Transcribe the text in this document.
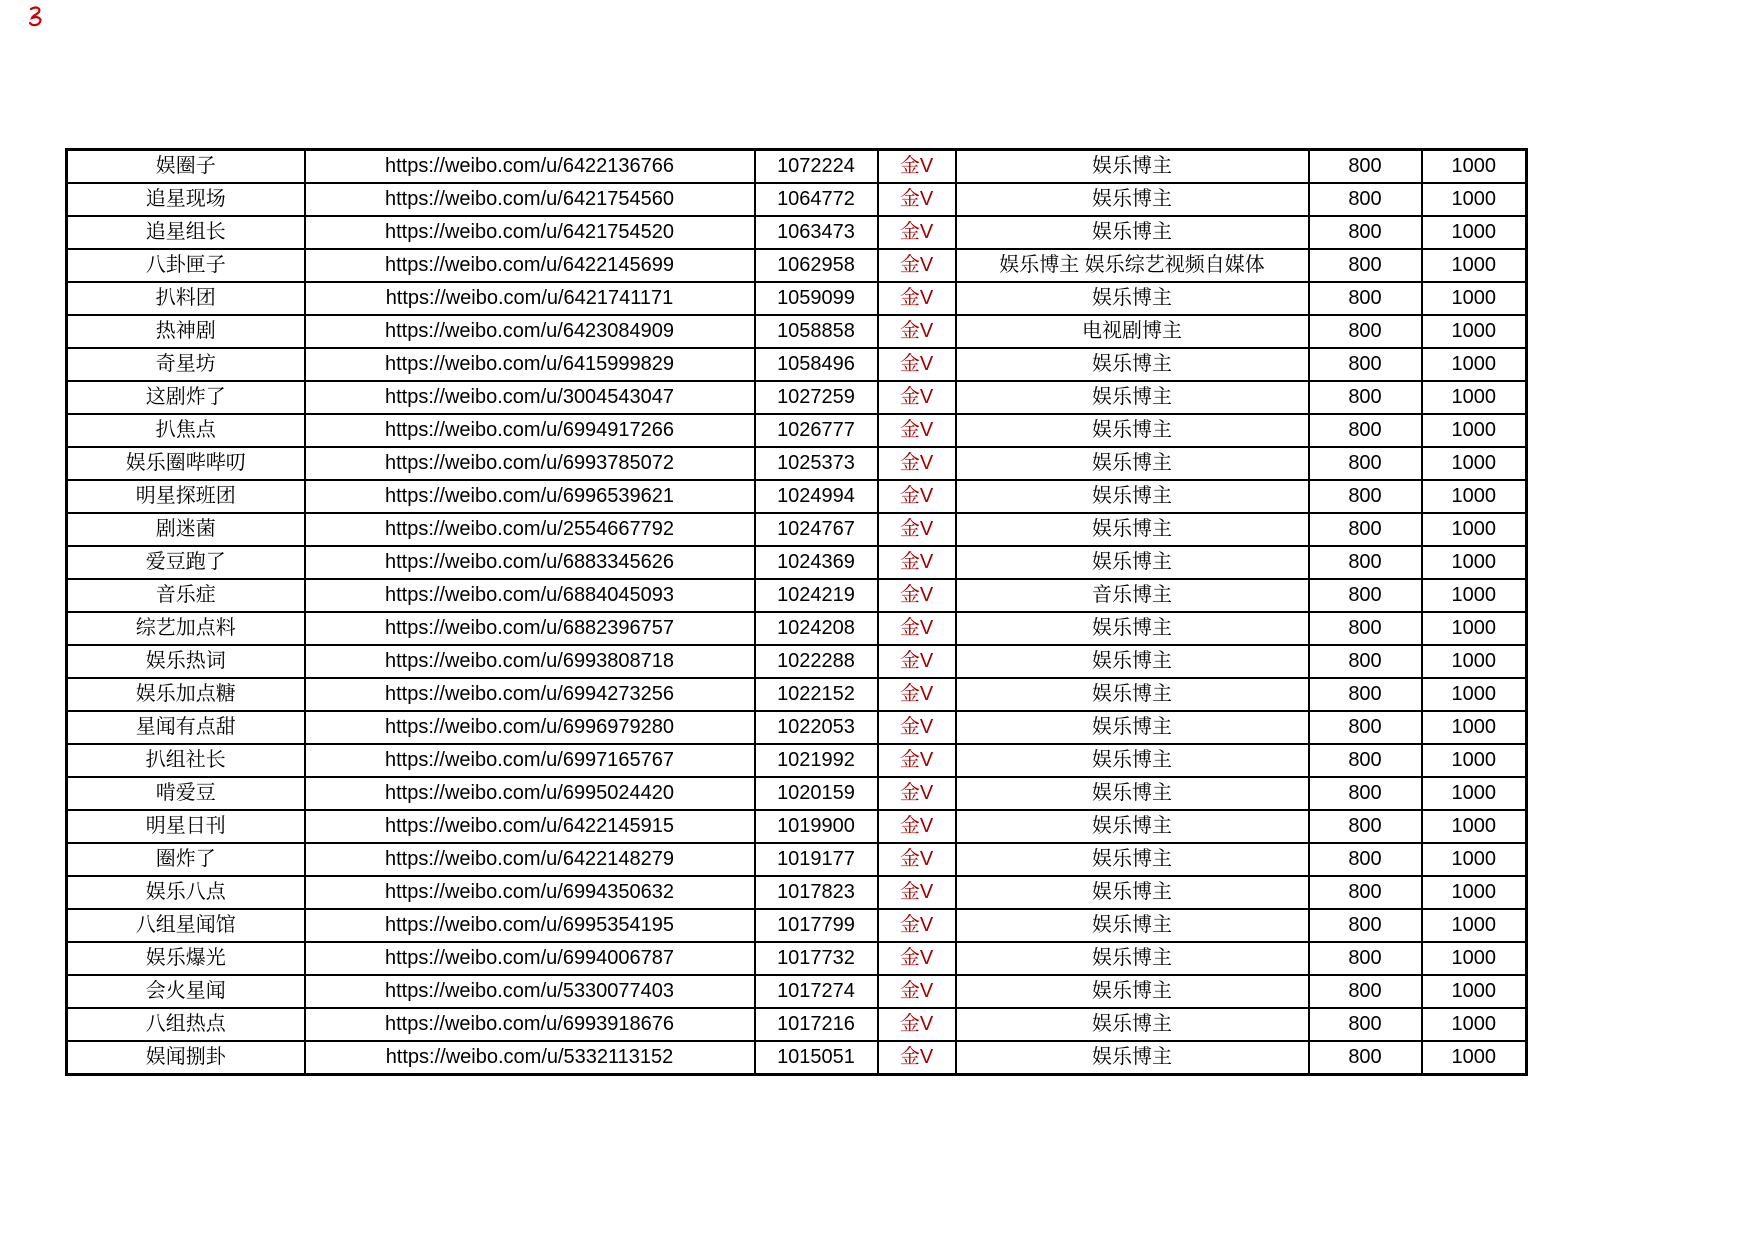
娱圈子	https://weibo.com/u/6422136766	1072224	金V	娱乐博主	800	1000
追星现场	https://weibo.com/u/6421754560	1064772	金V	娱乐博主	800	1000
追星组长	https://weibo.com/u/6421754520	1063473	金V	娱乐博主	800	1000
八卦匣子	https://weibo.com/u/6422145699	1062958	金V	娱乐博主 娱乐综艺视频自媒体	800	1000
扒料团	https://weibo.com/u/6421741171	1059099	金V	娱乐博主	800	1000
热神剧	https://weibo.com/u/6423084909	1058858	金V	电视剧博主	800	1000
奇星坊	https://weibo.com/u/6415999829	1058496	金V	娱乐博主	800	1000
这剧炸了	https://weibo.com/u/3004543047	1027259	金V	娱乐博主	800	1000
扒焦点	https://weibo.com/u/6994917266	1026777	金V	娱乐博主	800	1000
娱乐圈哔哔叨	https://weibo.com/u/6993785072	1025373	金V	娱乐博主	800	1000
明星探班团	https://weibo.com/u/6996539621	1024994	金V	娱乐博主	800	1000
剧迷菌	https://weibo.com/u/2554667792	1024767	金V	娱乐博主	800	1000
爱豆跑了	https://weibo.com/u/6883345626	1024369	金V	娱乐博主	800	1000
音乐症	https://weibo.com/u/6884045093	1024219	金V	音乐博主	800	1000
综艺加点料	https://weibo.com/u/6882396757	1024208	金V	娱乐博主	800	1000
娱乐热词	https://weibo.com/u/6993808718	1022288	金V	娱乐博主	800	1000
娱乐加点糖	https://weibo.com/u/6994273256	1022152	金V	娱乐博主	800	1000
星闻有点甜	https://weibo.com/u/6996979280	1022053	金V	娱乐博主	800	1000
扒组社长	https://weibo.com/u/6997165767	1021992	金V	娱乐博主	800	1000
啃爱豆	https://weibo.com/u/6995024420	1020159	金V	娱乐博主	800	1000
明星日刊	https://weibo.com/u/6422145915	1019900	金V	娱乐博主	800	1000
圈炸了	https://weibo.com/u/6422148279	1019177	金V	娱乐博主	800	1000
娱乐八点	https://weibo.com/u/6994350632	1017823	金V	娱乐博主	800	1000
八组星闻馆	https://weibo.com/u/6995354195	1017799	金V	娱乐博主	800	1000
娱乐爆光	https://weibo.com/u/6994006787	1017732	金V	娱乐博主	800	1000
会火星闻	https://weibo.com/u/5330077403	1017274	金V	娱乐博主	800	1000
八组热点	https://weibo.com/u/6993918676	1017216	金V	娱乐博主	800	1000
娱闻捌卦	https://weibo.com/u/5332113152	1015051	金V	娱乐博主	800	1000
